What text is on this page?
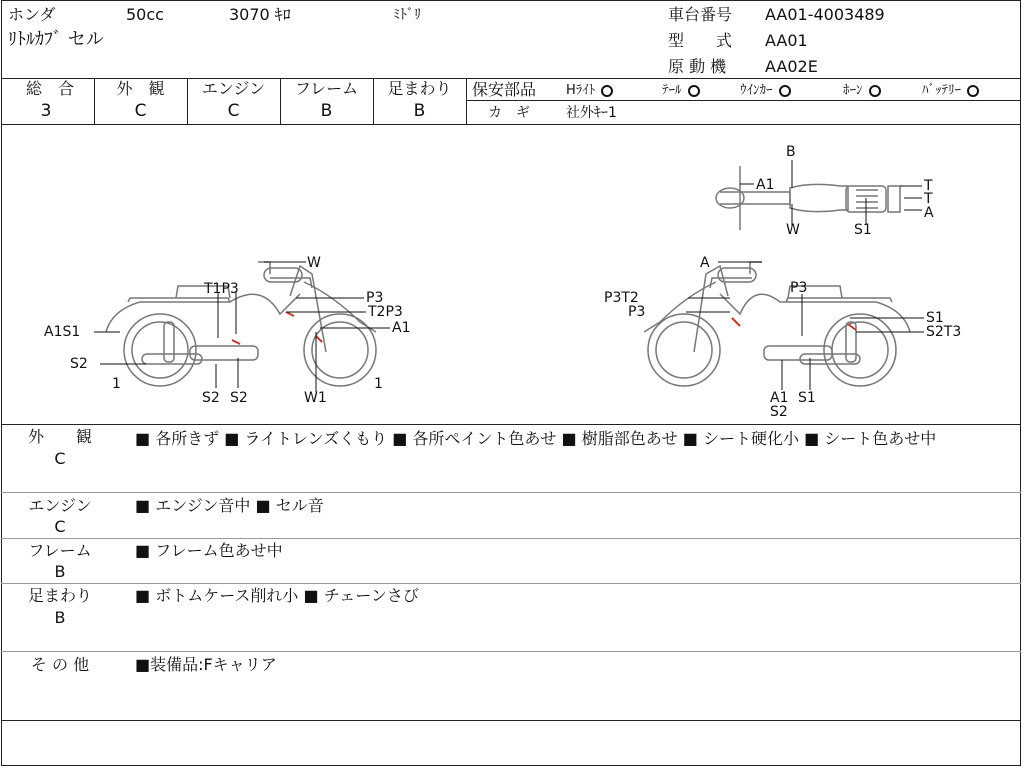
ホンダ	50cc	3070 ｷﾛ	ﾐﾄﾞﾘ
ﾘﾄﾙｶﾌﾞ セル
車台番号 AA01-4003489
型　　式 AA01
原 動 機 AA02E
総　合
3
外　観
C
エンジン
C
フレーム
B
足まわり
B
保安部品 Hﾗｲﾄ	ﾃｰﾙ	ｳｲﾝｶｰ	ﾎｰﾝ	ﾊﾞｯﾃﾘｰ
カ　ギ	社外ｷｰ1
W
T1P3
P3
T2P3
A1
A1S1
S2
1
S2 S2	W1
1
A
P3
P3T2
P3	S1
S2T3
A1
S2
S1
B
A1	T
T
A
W	S1
外　　観
C
■ 各所きず ■ ライトレンズくもり ■ 各所ペイント色あせ ■ 樹脂部色あせ ■ シート硬化小 ■ シート色あせ中
エンジン
C
■ エンジン音中 ■ セル音
フレーム
B
■ フレーム色あせ中
足まわり
B
■ ボトムケース削れ小 ■ チェーンさび
そ の 他	■装備品:Fキャリア
